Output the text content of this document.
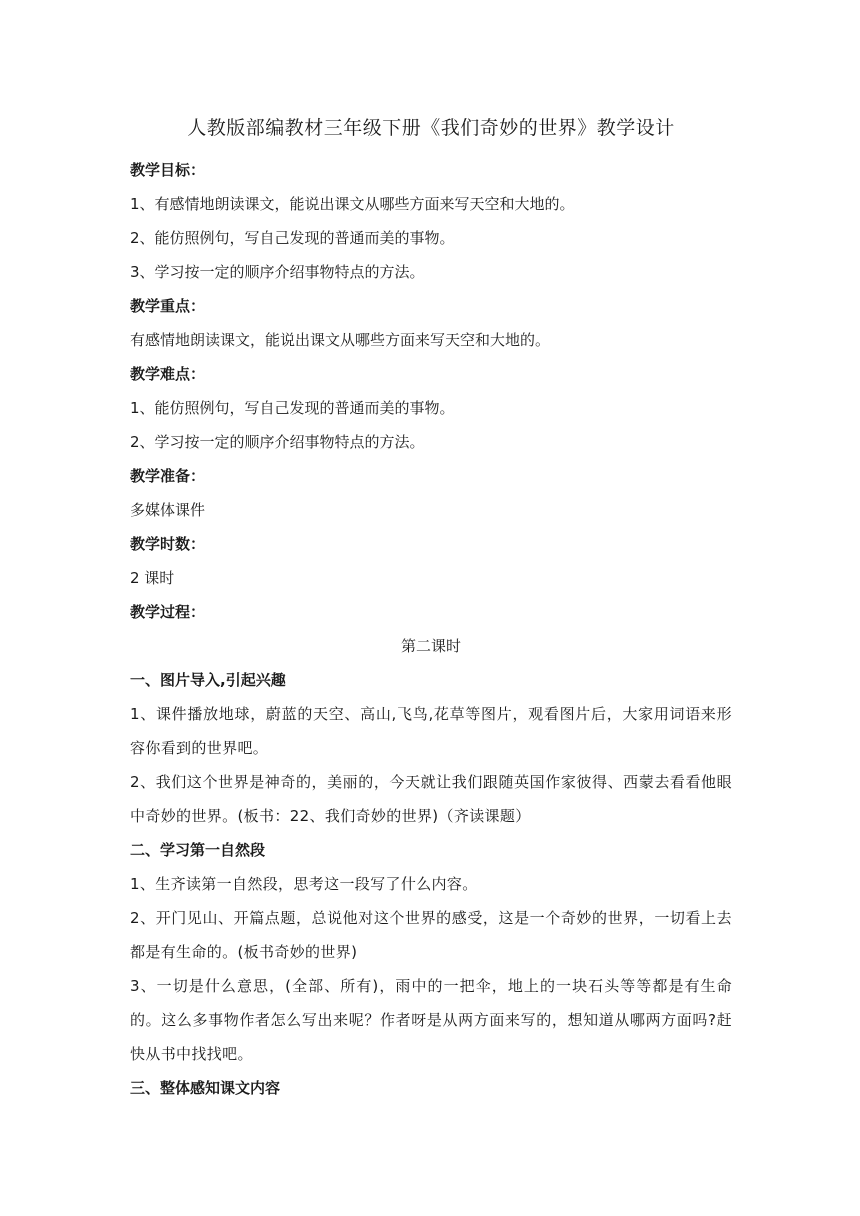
人教版部编教材三年级下册《我们奇妙的世界》教学设计

教学目标：

1、有感情地朗读课文，能说出课文从哪些方面来写天空和大地的。

2、能仿照例句，写自己发现的普通而美的事物。

3、学习按一定的顺序介绍事物特点的方法。

教学重点：

有感情地朗读课文，能说出课文从哪些方面来写天空和大地的。

教学难点：

1、能仿照例句，写自己发现的普通而美的事物。

2、学习按一定的顺序介绍事物特点的方法。

教学准备：

多媒体课件

教学时数：

2 课时

教学过程：

第二课时

一、图片导入,引起兴趣

1、课件播放地球，蔚蓝的天空、高山,飞鸟,花草等图片，观看图片后，大家用词语来形容你看到的世界吧。

2、我们这个世界是神奇的，美丽的，今天就让我们跟随英国作家彼得、西蒙去看看他眼中奇妙的世界。(板书：22、我们奇妙的世界)（齐读课题）

二、学习第一自然段

1、生齐读第一自然段，思考这一段写了什么内容。

2、开门见山、开篇点题，总说他对这个世界的感受，这是一个奇妙的世界，一切看上去都是有生命的。(板书奇妙的世界)

3、一切是什么意思，(全部、所有)，雨中的一把伞，地上的一块石头等等都是有生命的。这么多事物作者怎么写出来呢？作者呀是从两方面来写的，想知道从哪两方面吗?赶快从书中找找吧。

三、整体感知课文内容
